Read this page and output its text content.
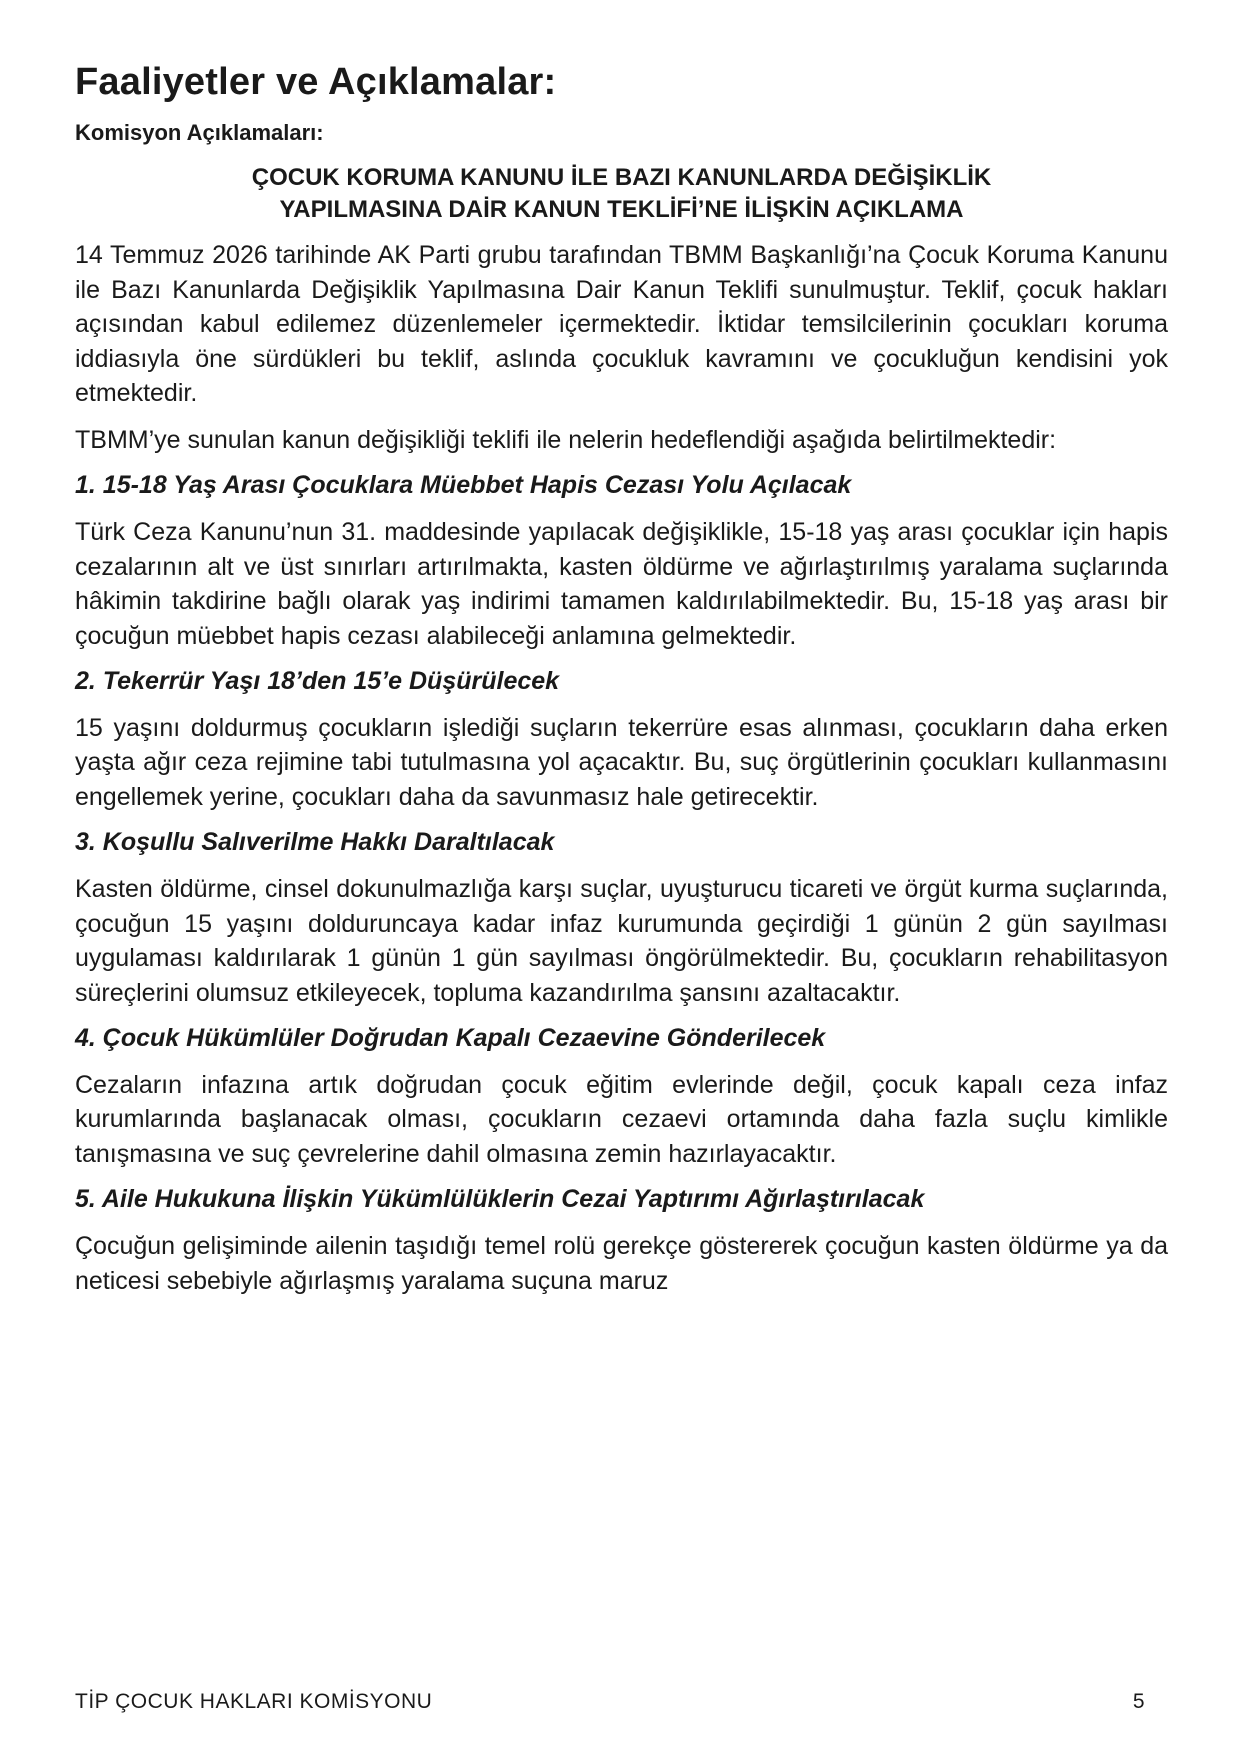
Faaliyetler ve Açıklamalar:
Komisyon Açıklamaları:
ÇOCUK KORUMA KANUNU İLE BAZI KANUNLARDA DEĞİŞİKLİK
YAPILMASINA DAİR KANUN TEKLİFİ’NE İLİŞKİN AÇIKLAMA

14 Temmuz 2026 tarihinde AK Parti grubu tarafından TBMM Başkanlığı’na Çocuk Koruma Kanunu ile Bazı Kanunlarda Değişiklik Yapılmasına Dair Kanun Teklifi sunulmuştur. Teklif, çocuk hakları açısından kabul edilemez düzenlemeler içermektedir. İktidar temsilcilerinin çocukları koruma iddiasıyla öne sürdükleri bu teklif, aslında çocukluk kavramını ve çocukluğun kendisini yok etmektedir.

TBMM’ye sunulan kanun değişikliği teklifi ile nelerin hedeflendiği aşağıda belirtilmektedir:

1. 15-18 Yaş Arası Çocuklara Müebbet Hapis Cezası Yolu Açılacak

Türk Ceza Kanunu’nun 31. maddesinde yapılacak değişiklikle, 15-18 yaş arası çocuklar için hapis cezalarının alt ve üst sınırları artırılmakta, kasten öldürme ve ağırlaştırılmış yaralama suçlarında hâkimin takdirine bağlı olarak yaş indirimi tamamen kaldırılabilmektedir. Bu, 15-18 yaş arası bir çocuğun müebbet hapis cezası alabileceği anlamına gelmektedir.

2. Tekerrür Yaşı 18’den 15’e Düşürülecek

15 yaşını doldurmuş çocukların işlediği suçların tekerrüre esas alınması, çocukların daha erken yaşta ağır ceza rejimine tabi tutulmasına yol açacaktır. Bu, suç örgütlerinin çocukları kullanmasını engellemek yerine, çocukları daha da savunmasız hale getirecektir.

3. Koşullu Salıverilme Hakkı Daraltılacak

Kasten öldürme, cinsel dokunulmazlığa karşı suçlar, uyuşturucu ticareti ve örgüt kurma suçlarında, çocuğun 15 yaşını dolduruncaya kadar infaz kurumunda geçirdiği 1 günün 2 gün sayılması uygulaması kaldırılarak 1 günün 1 gün sayılması öngörülmektedir. Bu, çocukların rehabilitasyon süreçlerini olumsuz etkileyecek, topluma kazandırılma şansını azaltacaktır.

4. Çocuk Hükümlüler Doğrudan Kapalı Cezaevine Gönderilecek

Cezaların infazına artık doğrudan çocuk eğitim evlerinde değil, çocuk kapalı ceza infaz kurumlarında başlanacak olması, çocukların cezaevi ortamında daha fazla suçlu kimlikle tanışmasına ve suç çevrelerine dahil olmasına zemin hazırlayacaktır.

5. Aile Hukukuna İlişkin Yükümlülüklerin Cezai Yaptırımı Ağırlaştırılacak

Çocuğun gelişiminde ailenin taşıdığı temel rolü gerekçe göstererek çocuğun kasten öldürme ya da neticesi sebebiyle ağırlaşmış yaralama suçuna maruz

TİP ÇOCUK HAKLARI KOMİSYONU	5
